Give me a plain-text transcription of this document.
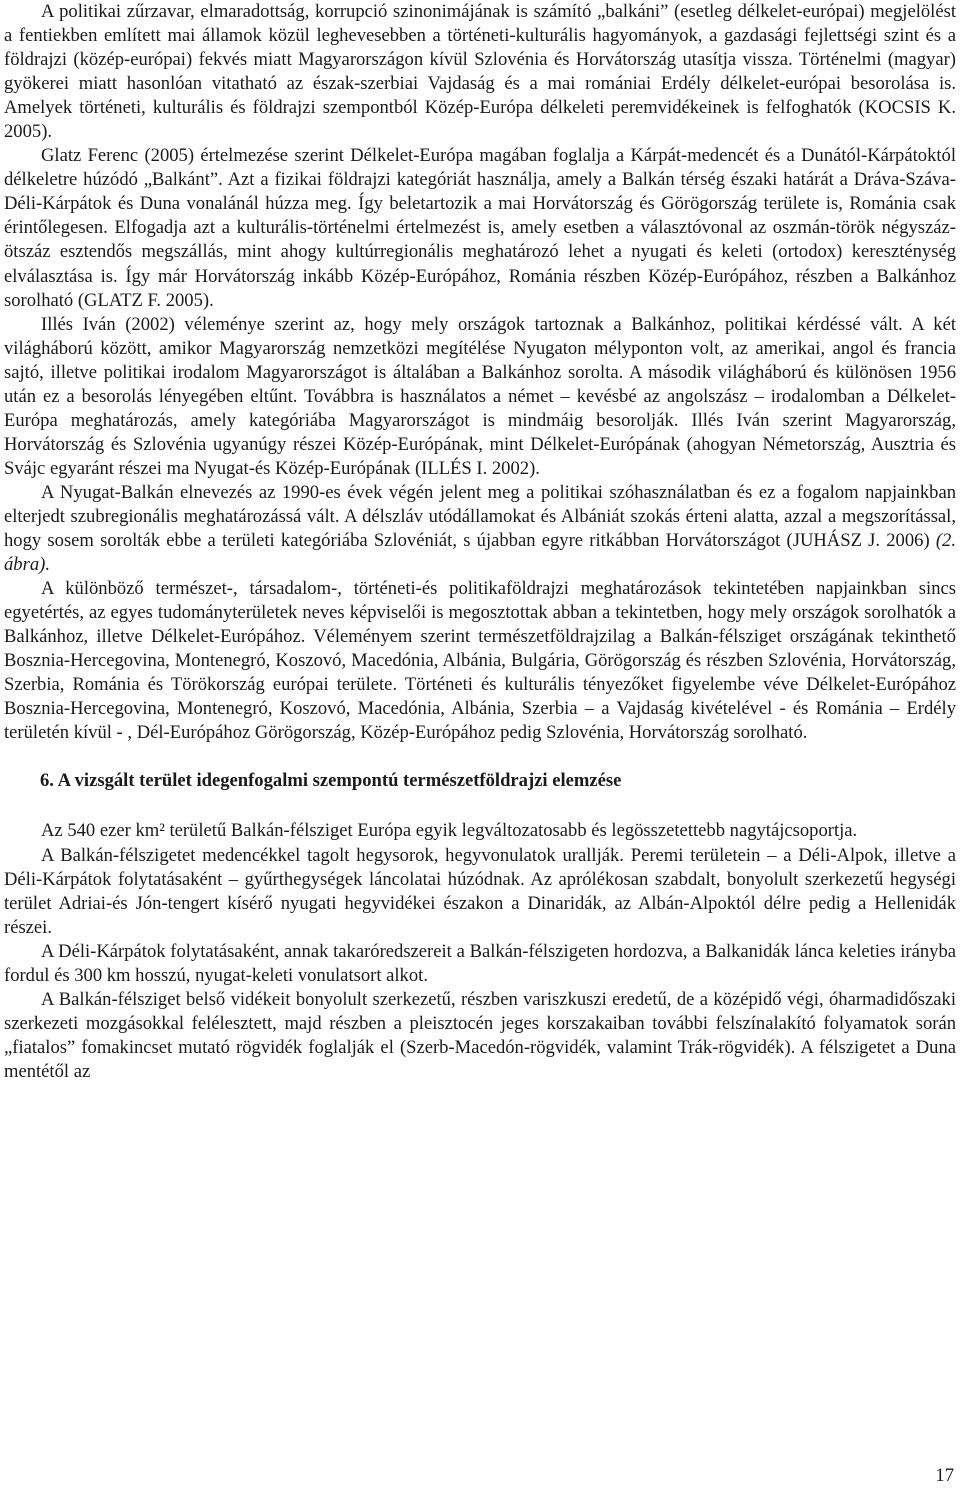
A politikai zűrzavar, elmaradottság, korrupció szinonimájának is számító „balkáni” (esetleg délkelet-európai) megjelölést a fentiekben említett mai államok közül leghevesebben a történeti-kulturális hagyományok, a gazdasági fejlettségi szint és a földrajzi (közép-európai) fekvés miatt Magyarországon kívül Szlovénia és Horvátország utasítja vissza. Történelmi (magyar) gyökerei miatt hasonlóan vitatható az észak-szerbiai Vajdaság és a mai romániai Erdély délkelet-európai besorolása is. Amelyek történeti, kulturális és földrajzi szempontból Közép-Európa délkeleti peremvidékeinek is felfoghatók (KOCSIS K. 2005).

Glatz Ferenc (2005) értelmezése szerint Délkelet-Európa magában foglalja a Kárpát-medencét és a Dunától-Kárpátoktól délkeletre húzódó „Balkánt”. Azt a fizikai földrajzi kategóriát használja, amely a Balkán térség északi határát a Dráva-Száva-Déli-Kárpátok és Duna vonalánál húzza meg. Így beletartozik a mai Horvátország és Görögország területe is, Románia csak érintőlegesen. Elfogadja azt a kulturális-történelmi értelmezést is, amely esetben a választóvonal az oszmán-török négyszáz-ötszáz esztendős megszállás, mint ahogy kultúrregionális meghatározó lehet a nyugati és keleti (ortodox) kereszténység elválasztása is. Így már Horvátország inkább Közép-Európához, Románia részben Közép-Európához, részben a Balkánhoz sorolható (GLATZ F. 2005).

Illés Iván (2002) véleménye szerint az, hogy mely országok tartoznak a Balkánhoz, politikai kérdéssé vált. A két világháború között, amikor Magyarország nemzetközi megítélése Nyugaton mélyponton volt, az amerikai, angol és francia sajtó, illetve politikai irodalom Magyarországot is általában a Balkánhoz sorolta. A második világháború és különösen 1956 után ez a besorolás lényegében eltűnt. Továbbra is használatos a német – kevésbé az angolszász – irodalomban a Délkelet-Európa meghatározás, amely kategóriába Magyarországot is mindmáig besorolják. Illés Iván szerint Magyarország, Horvátország és Szlovénia ugyanúgy részei Közép-Európának, mint Délkelet-Európának (ahogyan Németország, Ausztria és Svájc egyaránt részei ma Nyugat-és Közép-Európának (ILLÉS I. 2002).

A Nyugat-Balkán elnevezés az 1990-es évek végén jelent meg a politikai szóhasználatban és ez a fogalom napjainkban elterjedt szubregionális meghatározássá vált. A délszláv utódállamokat és Albániát szokás érteni alatta, azzal a megszorítással, hogy sosem sorolták ebbe a területi kategóriába Szlovéniát, s újabban egyre ritkábban Horvátországot (JUHÁSZ J. 2006) (2. ábra).

A különböző természet-, társadalom-, történeti-és politikaföldrajzi meghatározások tekintetében napjainkban sincs egyetértés, az egyes tudományterületek neves képviselői is megosztottak abban a tekintetben, hogy mely országok sorolhatók a Balkánhoz, illetve Délkelet-Európához. Véleményem szerint természetföldrajzilag a Balkán-félsziget országának tekinthető Bosznia-Hercegovina, Montenegró, Koszovó, Macedónia, Albánia, Bulgária, Görögország és részben Szlovénia, Horvátország, Szerbia, Románia és Törökország európai területe. Történeti és kulturális tényezőket figyelembe véve Délkelet-Európához Bosznia-Hercegovina, Montenegró, Koszovó, Macedónia, Albánia, Szerbia – a Vajdaság kivételével - és Románia – Erdély területén kívül - , Dél-Európához Görögország, Közép-Európához pedig Szlovénia, Horvátország sorolható.

6. A vizsgált terület idegenfogalmi szempontú természetföldrajzi elemzése

Az 540 ezer km² területű Balkán-félsziget Európa egyik legváltozatosabb és legösszetettebb nagytájcsoportja.

A Balkán-félszigetet medencékkel tagolt hegysorok, hegyvonulatok urallják. Peremi területein – a Déli-Alpok, illetve a Déli-Kárpátok folytatásaként – gyűrthegységek láncolatai húzódnak. Az aprólékosan szabdalt, bonyolult szerkezetű hegységi terület Adriai-és Jón-tengert kísérő nyugati hegyvidékei északon a Dinaridák, az Albán-Alpoktól délre pedig a Hellenidák részei.

A Déli-Kárpátok folytatásaként, annak takaróredszereit a Balkán-félszigeten hordozva, a Balkanidák lánca keleties irányba fordul és 300 km hosszú, nyugat-keleti vonulatsort alkot.

A Balkán-félsziget belső vidékeit bonyolult szerkezetű, részben variszkuszi eredetű, de a középidő végi, óharmadidőszaki szerkezeti mozgásokkal felélesztett, majd részben a pleisztocén jeges korszakaiban további felszínalakító folyamatok során „fiatalos” fomakincset mutató rögvidék foglalják el (Szerb-Macedón-rögvidék, valamint Trák-rögvidék). A félszigetet a Duna mentétől az

17
